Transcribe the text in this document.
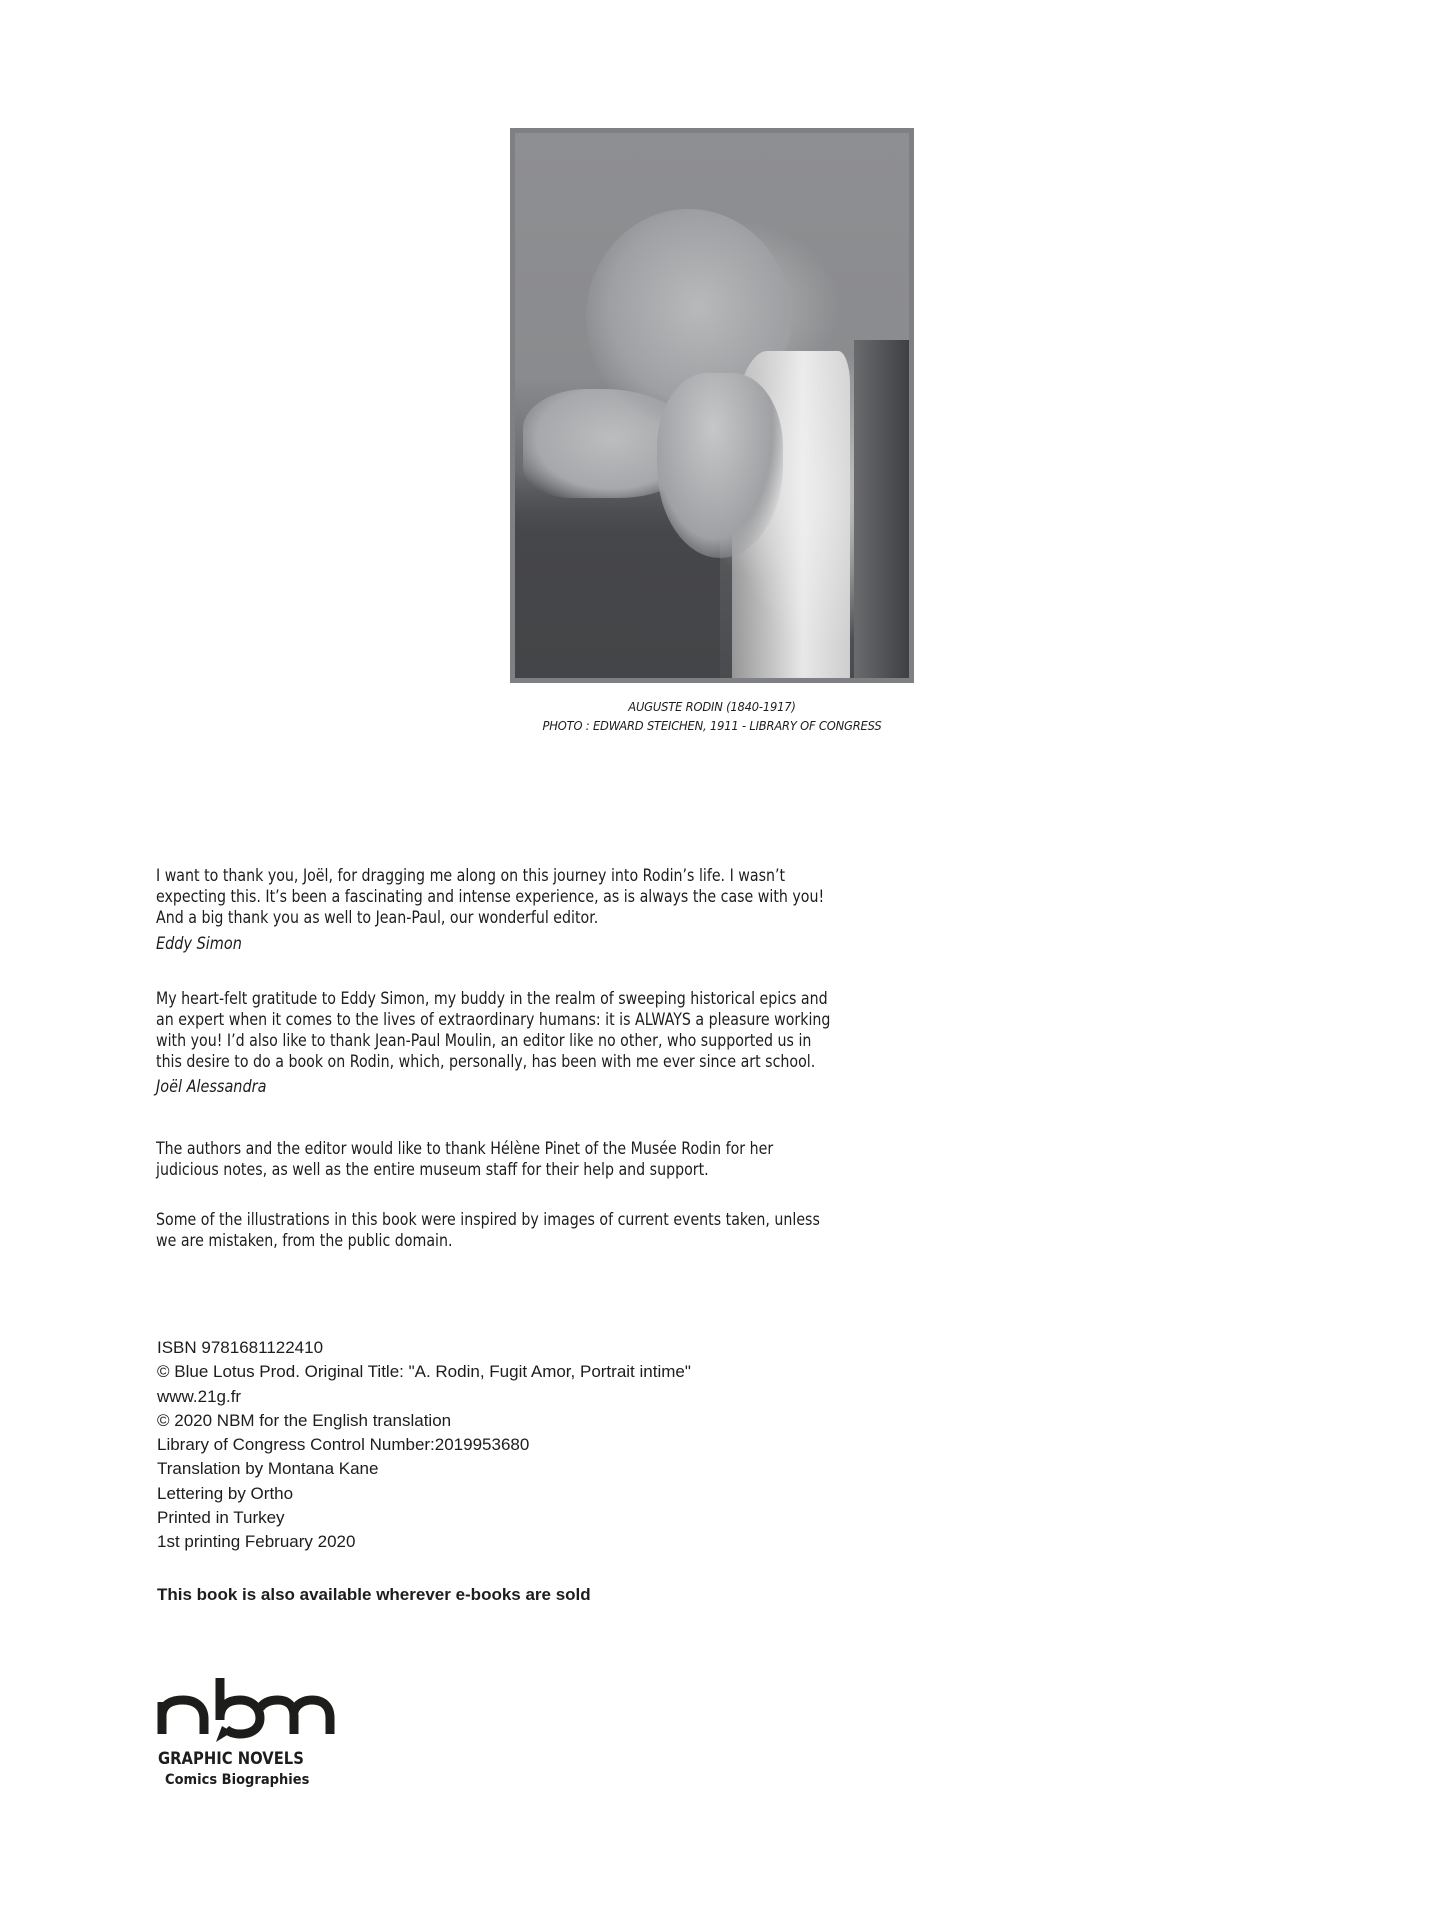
AUGUSTE RODIN (1840-1917)
PHOTO : EDWARD STEICHEN, 1911 - LIBRARY OF CONGRESS
I want to thank you, Joël, for dragging me along on this journey into Rodin’s life. I wasn’t
expecting this. It’s been a fascinating and intense experience, as is always the case with you!
And a big thank you as well to Jean-Paul, our wonderful editor.
Eddy Simon
My heart-felt gratitude to Eddy Simon, my buddy in the realm of sweeping historical epics and
an expert when it comes to the lives of extraordinary humans: it is ALWAYS a pleasure working
with you! I’d also like to thank Jean-Paul Moulin, an editor like no other, who supported us in
this desire to do a book on Rodin, which, personally, has been with me ever since art school.
Joël Alessandra
The authors and the editor would like to thank Hélène Pinet of the Musée Rodin for her
judicious notes, as well as the entire museum staff for their help and support.
Some of the illustrations in this book were inspired by images of current events taken, unless
we are mistaken, from the public domain.
ISBN 9781681122410
© Blue Lotus Prod. Original Title: "A. Rodin, Fugit Amor, Portrait intime"
www.21g.fr
© 2020 NBM for the English translation
Library of Congress Control Number:2019953680
Translation by Montana Kane
Lettering by Ortho
Printed in Turkey
1st printing February 2020
This book is also available wherever e-books are sold
GRAPHIC NOVELS
Comics Biographies
